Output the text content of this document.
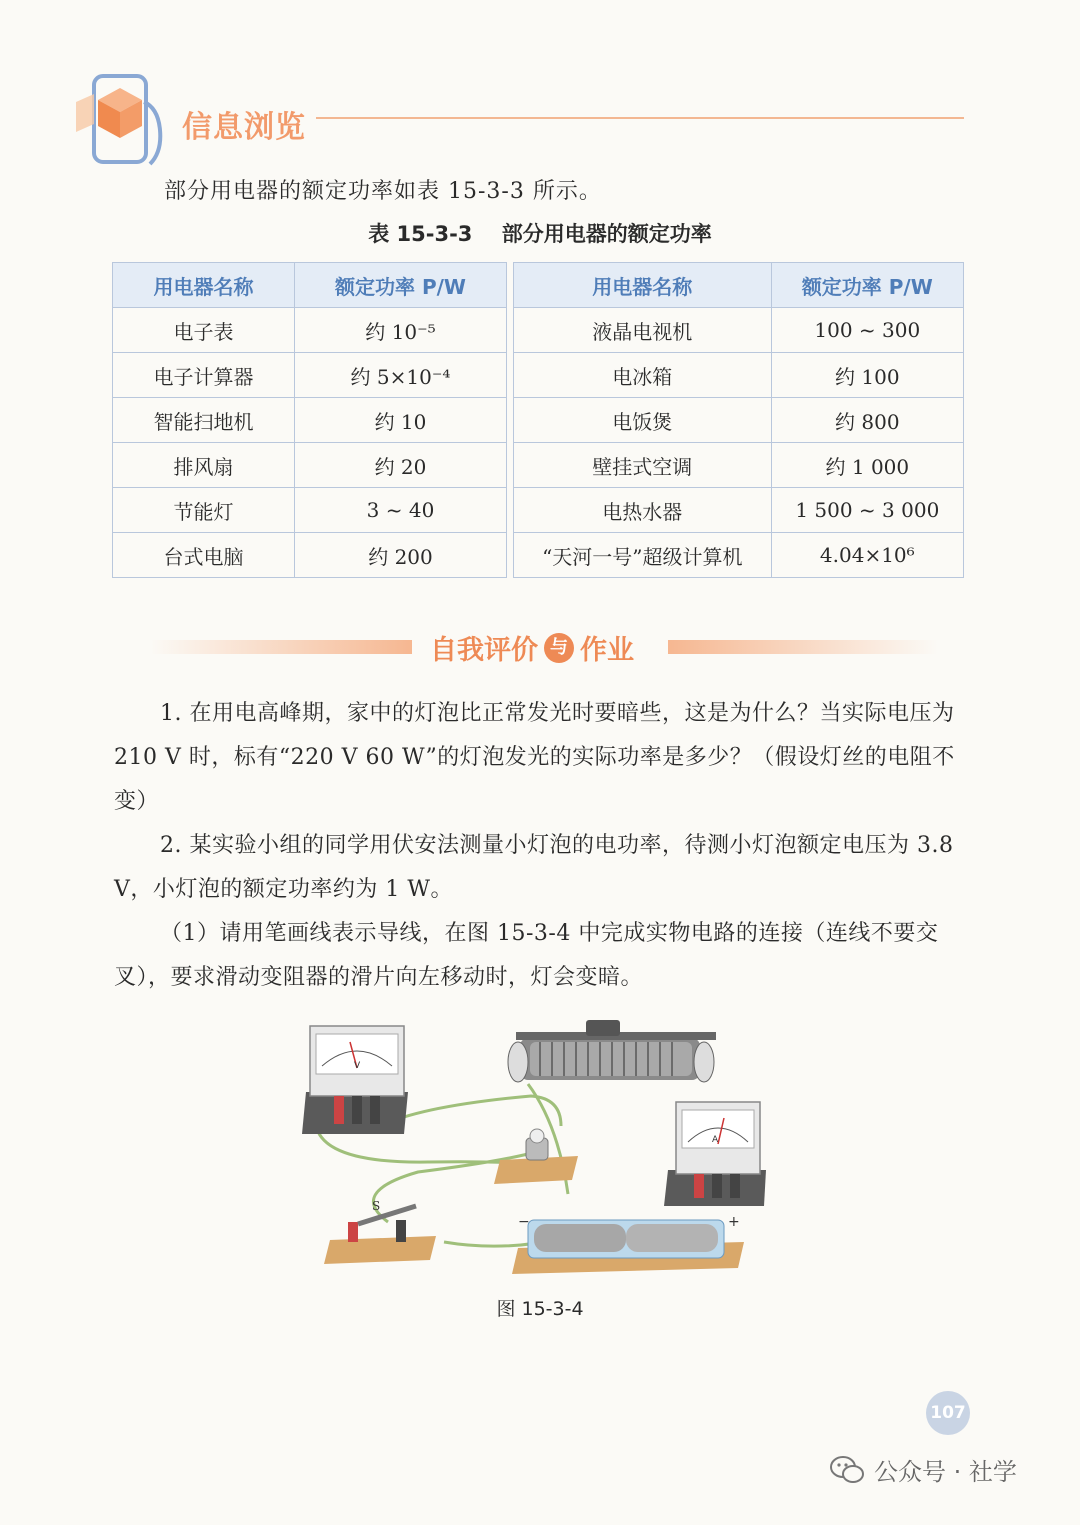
信息浏览
部分用电器的额定功率如表 15-3-3 所示。
表 15-3-3 部分用电器的额定功率
用电器名称	额定功率 P/W		用电器名称	额定功率 P/W
电子表	约 10⁻⁵		液晶电视机	100 ~ 300
电子计算器	约 5×10⁻⁴		电冰箱	约 100
智能扫地机	约 10		电饭煲	约 800
排风扇	约 20		壁挂式空调	约 1 000
节能灯	3 ~ 40		电热水器	1 500 ~ 3 000
台式电脑	约 200		“天河一号”超级计算机	4.04×10⁶
自我评价 与 作业

1. 在用电高峰期，家中的灯泡比正常发光时要暗些，这是为什么？当实际电压为 210 V 时，标有“220 V 60 W”的灯泡发光的实际功率是多少？（假设灯丝的电阻不变）

2. 某实验小组的同学用伏安法测量小灯泡的电功率，待测小灯泡额定电压为 3.8 V，小灯泡的额定功率约为 1 W。

（1）请用笔画线表示导线，在图 15-3-4 中完成实物电路的连接（连线不要交叉），要求滑动变阻器的滑片向左移动时，灯会变暗。

V
A
S
−	+
图 15-3-4
107
公众号 · 社学
